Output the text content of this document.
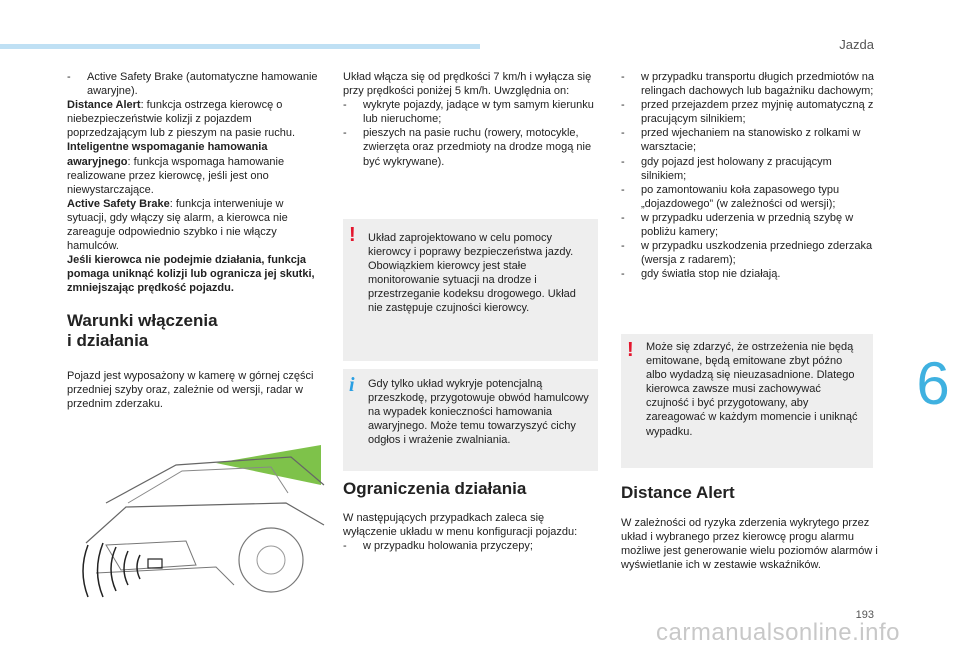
Jazda
6

- Active Safety Brake (automatyczne hamowanie awaryjne).

Distance Alert: funkcja ostrzega kierowcę o niebezpieczeństwie kolizji z pojazdem poprzedzającym lub z pieszym na pasie ruchu.

Inteligentne wspomaganie hamowania awaryjnego: funkcja wspomaga hamowanie realizowane przez kierowcę, jeśli jest ono niewystarczające.

Active Safety Brake: funkcja interweniuje w sytuacji, gdy włączy się alarm, a kierowca nie zareaguje odpowiednio szybko i nie włączy hamulców.

Jeśli kierowca nie podejmie działania, funkcja pomaga uniknąć kolizji lub ogranicza jej skutki, zmniejszając prędkość pojazdu.

Warunki włączenia
i działania

Pojazd jest wyposażony w kamerę w górnej części przedniej szyby oraz, zależnie od wersji, radar w przednim zderzaku.

Układ włącza się od prędkości 7 km/h i wyłącza się przy prędkości poniżej 5 km/h. Uwzględnia on:

- wykryte pojazdy, jadące w tym samym kierunku lub nieruchome;

- pieszych na pasie ruchu (rowery, motocykle, zwierzęta oraz przedmioty na drodze mogą nie być wykrywane).

! Układ zaprojektowano w celu pomocy kierowcy i poprawy bezpieczeństwa jazdy. Obowiązkiem kierowcy jest stałe monitorowanie sytuacji na drodze i przestrzeganie kodeksu drogowego. Układ nie zastępuje czujności kierowcy.

i Gdy tylko układ wykryje potencjalną przeszkodę, przygotowuje obwód hamulcowy na wypadek konieczności hamowania awaryjnego. Może temu towarzyszyć cichy odgłos i wrażenie zwalniania.

Ograniczenia działania

W następujących przypadkach zaleca się wyłączenie układu w menu konfiguracji pojazdu:

- w przypadku holowania przyczepy;

- w przypadku transportu długich przedmiotów na relingach dachowych lub bagażniku dachowym;

- przed przejazdem przez myjnię automatyczną z pracującym silnikiem;

- przed wjechaniem na stanowisko z rolkami w warsztacie;

- gdy pojazd jest holowany z pracującym silnikiem;

- po zamontowaniu koła zapasowego typu „dojazdowego” (w zależności od wersji);

- w przypadku uderzenia w przednią szybę w pobliżu kamery;

- w przypadku uszkodzenia przedniego zderzaka (wersja z radarem);

- gdy światła stop nie działają.

! Może się zdarzyć, że ostrzeżenia nie będą emitowane, będą emitowane zbyt późno albo wydadzą się nieuzasadnione. Dlatego kierowca zawsze musi zachowywać czujność i być przygotowany, aby zareagować w każdym momencie i uniknąć wypadku.

Distance Alert

W zależności od ryzyka zderzenia wykrytego przez układ i wybranego przez kierowcę progu alarmu możliwe jest generowanie wielu poziomów alarmów i wyświetlanie ich w zestawie wskaźników.

193
carmanualsonline.info
